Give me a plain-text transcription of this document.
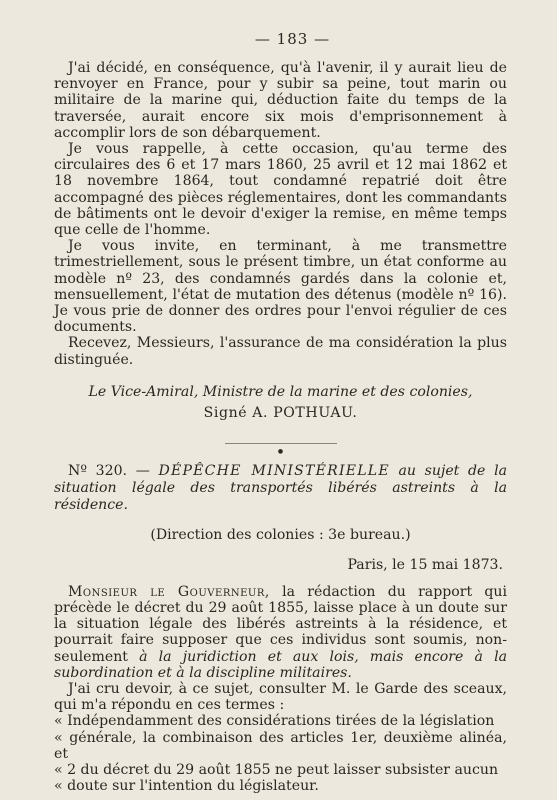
— 183 —

J'ai décidé, en conséquence, qu'à l'avenir, il y aurait lieu de renvoyer en France, pour y subir sa peine, tout marin ou militaire de la marine qui, déduction faite du temps de la traversée, aurait encore six mois d'emprisonnement à accomplir lors de son débarquement.

Je vous rappelle, à cette occasion, qu'au terme des circulaires des 6 et 17 mars 1860, 25 avril et 12 mai 1862 et 18 novembre 1864, tout condamné repatrié doit être accompagné des pièces réglementaires, dont les commandants de bâtiments ont le devoir d'exiger la remise, en même temps que celle de l'homme.

Je vous invite, en terminant, à me transmettre trimestriellement, sous le présent timbre, un état conforme au modèle nº 23, des condamnés gardés dans la colonie et, mensuellement, l'état de mutation des détenus (modèle nº 16). Je vous prie de donner des ordres pour l'envoi régulier de ces documents.

Recevez, Messieurs, l'assurance de ma considération la plus distinguée.

Le Vice-Amiral, Ministre de la marine et des colonies,
Signé A. POTHUAU.
●

Nº 320. — DÉPÊCHE MINISTÉRIELLE au sujet de la situation légale des transportés libérés astreints à la résidence.

(Direction des colonies : 3e bureau.)
Paris, le 15 mai 1873.

Monsieur le Gouverneur, la rédaction du rapport qui précède le décret du 29 août 1855, laisse place à un doute sur la situation légale des libérés astreints à la résidence, et pourrait faire supposer que ces individus sont soumis, non-seulement à la juridiction et aux lois, mais encore à la subordination et à la discipline militaires.

J'ai cru devoir, à ce sujet, consulter M. le Garde des sceaux, qui m'a répondu en ces termes :

« Indépendamment des considérations tirées de la législation

« générale, la combinaison des articles 1er, deuxième alinéa, et

« 2 du décret du 29 août 1855 ne peut laisser subsister aucun

« doute sur l'intention du législateur.
